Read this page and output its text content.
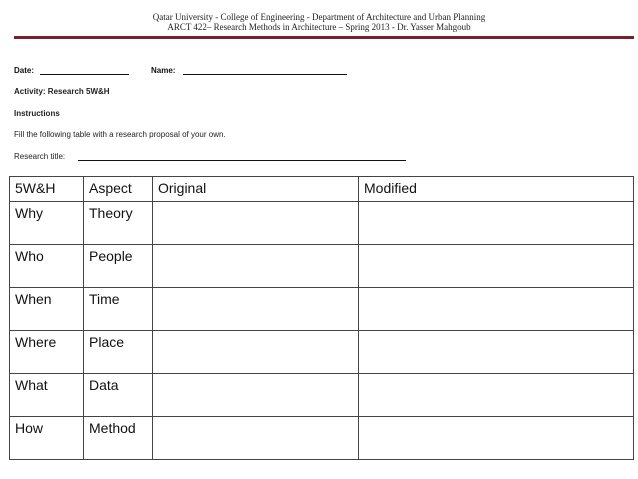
Qatar University - College of Engineering - Department of Architecture and Urban Planning
ARCT 422– Research Methods in Architecture – Spring 2013 - Dr. Yasser Mahgoub
Date:	Name:
Activity: Research 5W&H
Instructions
Fill the following table with a research proposal of your own.
Research title:
5W&H	Aspect	Original	Modified
Why	Theory		
Who	People		
When	Time		
Where	Place		
What	Data		
How	Method		
